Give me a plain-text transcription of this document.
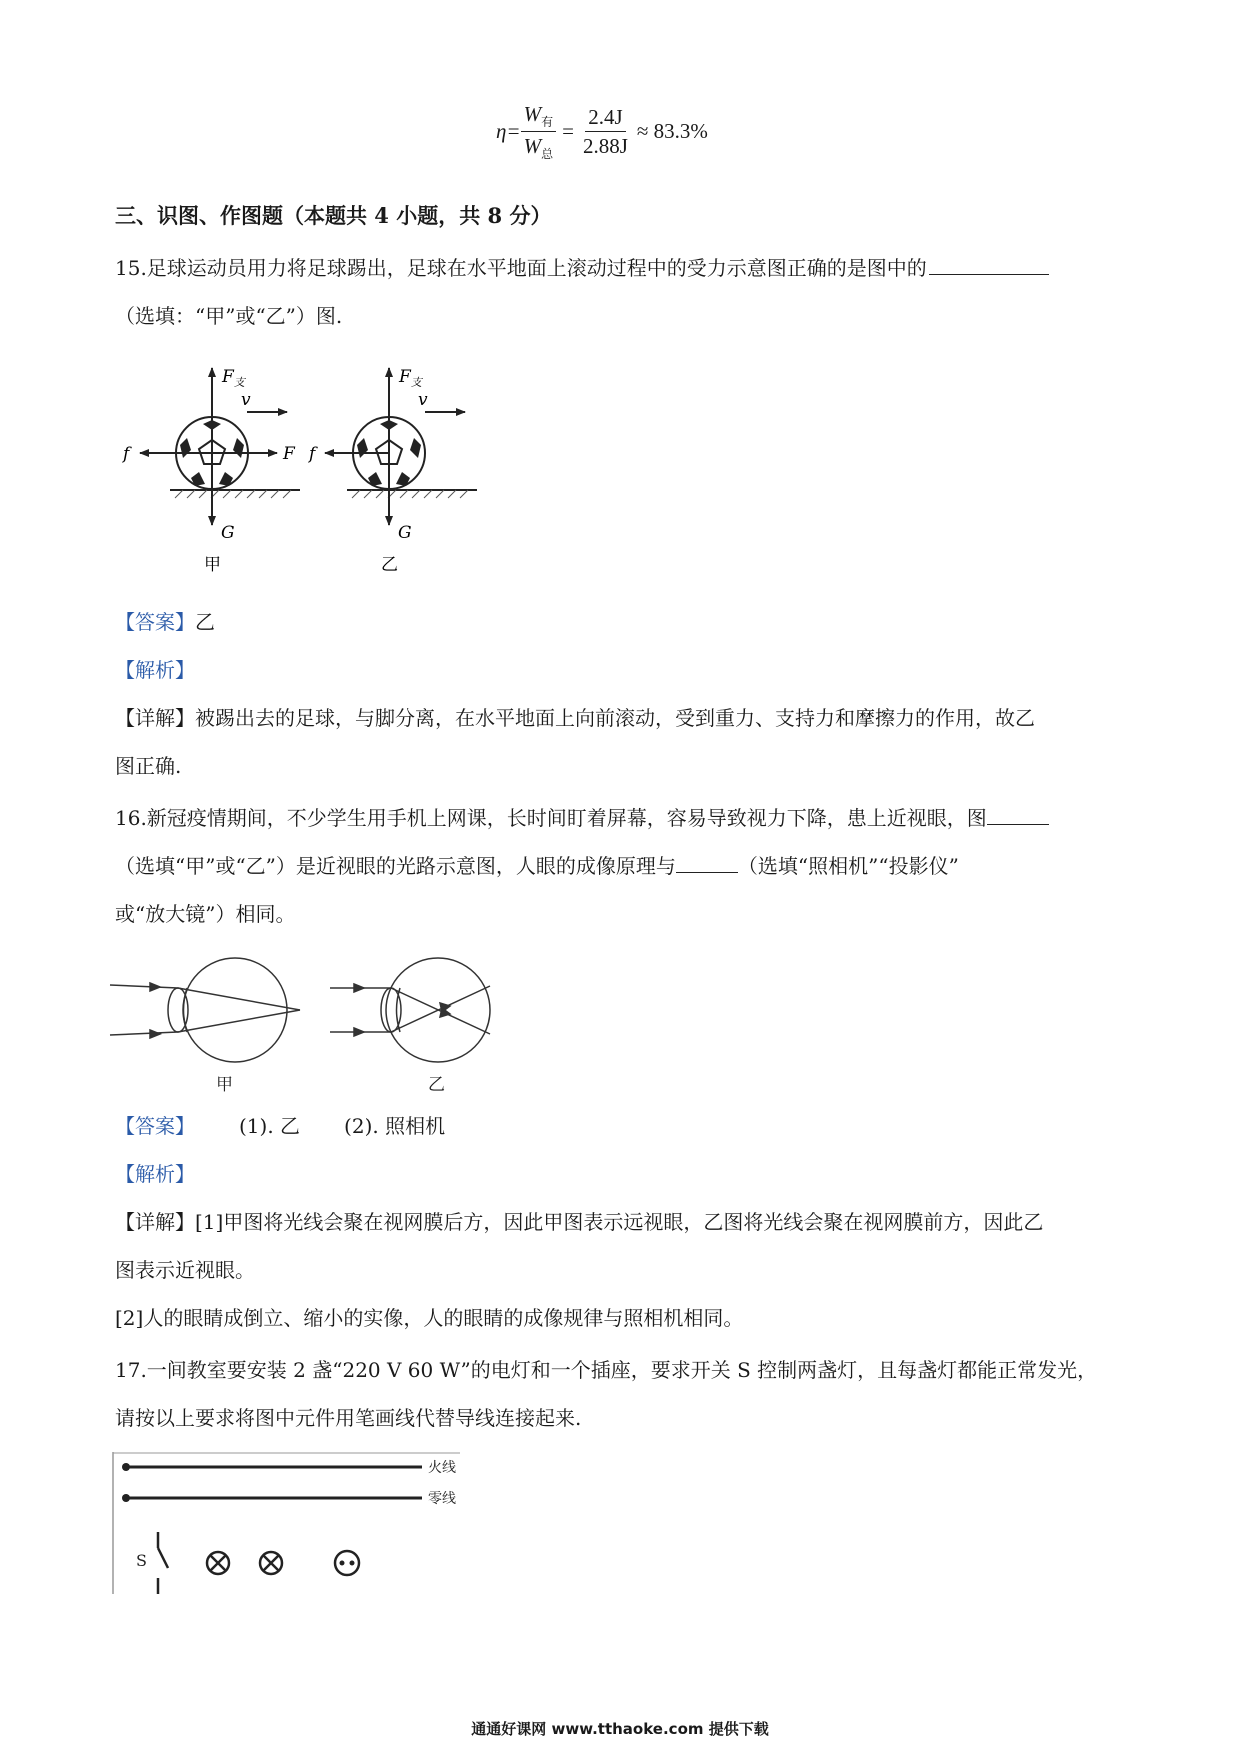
$\eta= \frac{W_有}{W_总} = \frac{2.4J}{2.88J} \approx 83.3\%$
三、识图、作图题（本题共 4 小题，共 8 分）
15.足球运动员用力将足球踢出，足球在水平地面上滚动过程中的受力示意图正确的是图中的
（选填：“甲”或“乙”）图.
$F_支$
v
f	F
G
甲
$F_支$
v
f
G
乙
【答案】乙
【解析】
【详解】被踢出去的足球，与脚分离，在水平地面上向前滚动，受到重力、支持力和摩擦力的作用，故乙
图正确.
16.新冠疫情期间，不少学生用手机上网课，长时间盯着屏幕，容易导致视力下降，患上近视眼，图
（选填“甲”或“乙”）是近视眼的光路示意图，人眼的成像原理与	（选填“照相机”“投影仪”
或“放大镜”）相同。
甲	乙
【答案】 (1). 乙 (2). 照相机
【解析】
【详解】[1]甲图将光线会聚在视网膜后方，因此甲图表示远视眼，乙图将光线会聚在视网膜前方，因此乙
图表示近视眼。
[2]人的眼睛成倒立、缩小的实像，人的眼睛的成像规律与照相机相同。
17.一间教室要安装 2 盏“220 V 60 W”的电灯和一个插座，要求开关 S 控制两盏灯，且每盏灯都能正常发光，
请按以上要求将图中元件用笔画线代替导线连接起来.
火线
零线
S
通通好课网 www.tthaoke.com 提供下载
